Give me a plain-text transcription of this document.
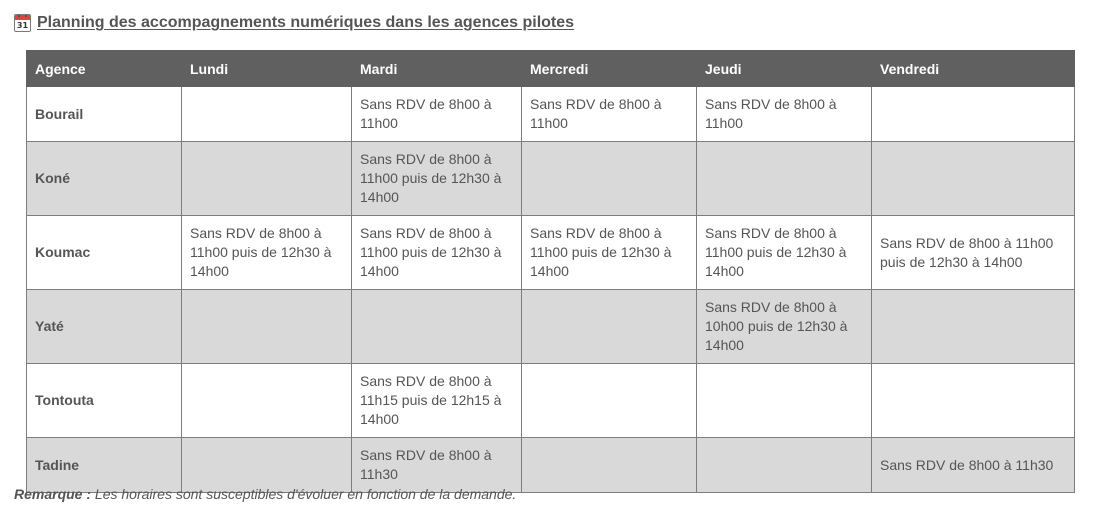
31 Planning des accompagnements numériques dans les agences pilotes
Agence	Lundi	Mardi	Mercredi	Jeudi	Vendredi
Bourail		Sans RDV de 8h00 à 11h00	Sans RDV de 8h00 à 11h00	Sans RDV de 8h00 à 11h00	
Koné		Sans RDV de 8h00 à 11h00 puis de 12h30 à 14h00			
Koumac	Sans RDV de 8h00 à 11h00 puis de 12h30 à 14h00	Sans RDV de 8h00 à 11h00 puis de 12h30 à 14h00	Sans RDV de 8h00 à 11h00 puis de 12h30 à 14h00	Sans RDV de 8h00 à 11h00 puis de 12h30 à 14h00	Sans RDV de 8h00 à 11h00 puis de 12h30 à 14h00
Yaté				Sans RDV de 8h00 à 10h00 puis de 12h30 à 14h00	
Tontouta		Sans RDV de 8h00 à 11h15 puis de 12h15 à 14h00			
Tadine		Sans RDV de 8h00 à 11h30			Sans RDV de 8h00 à 11h30
Remarque : Les horaires sont susceptibles d'évoluer en fonction de la demande.
